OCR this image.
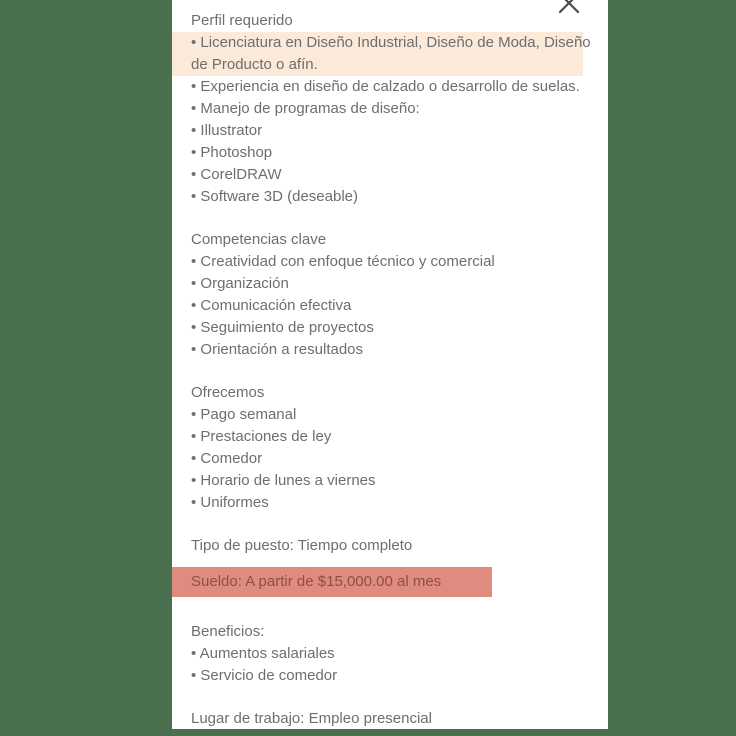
Perfil requerido
• Licenciatura en Diseño Industrial, Diseño de Moda, Diseño
de Producto o afín.
• Experiencia en diseño de calzado o desarrollo de suelas.
• Manejo de programas de diseño:
• Illustrator
• Photoshop
• CorelDRAW
• Software 3D (deseable)
Competencias clave
• Creatividad con enfoque técnico y comercial
• Organización
• Comunicación efectiva
• Seguimiento de proyectos
• Orientación a resultados
Ofrecemos
• Pago semanal
• Prestaciones de ley
• Comedor
• Horario de lunes a viernes
• Uniformes
Tipo de puesto: Tiempo completo
Sueldo: A partir de $15,000.00 al mes
Beneficios:
• Aumentos salariales
• Servicio de comedor
Lugar de trabajo: Empleo presencial
